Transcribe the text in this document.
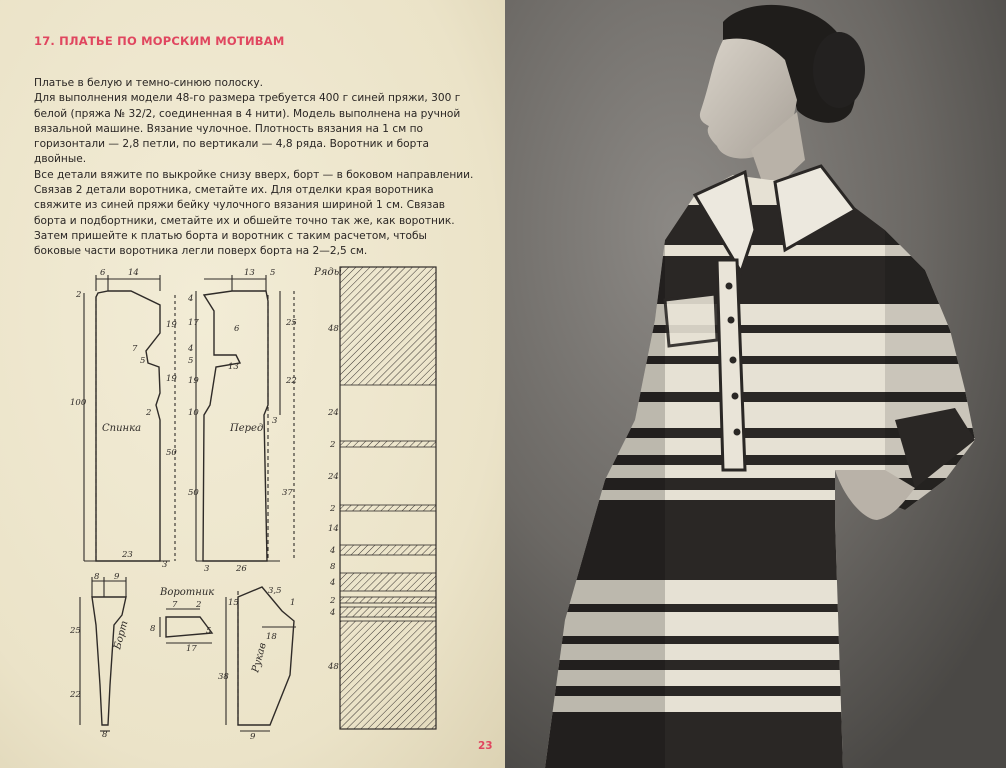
17. ПЛАТЬЕ ПО МОРСКИМ МОТИВАМ

Платье в белую и темно-синюю полоску.

Для выполнения модели 48-го размера требуется 400 г синей пряжи, 300 г белой (пряжа № 32/2, соединенная в 4 нити). Модель выполнена на ручной вязальной машине. Вязание чулочное. Плотность вязания на 1 см по горизонтали — 2,8 петли, по вертикали — 4,8 ряда. Воротник и борта двойные.

Все детали вяжите по выкройке снизу вверх, борт — в боковом направлении. Связав 2 детали воротника, сметайте их. Для отделки края воротника свяжите из синей пряжи бейку чулочного вязания шириной 1 см. Связав борта и подбортники, сметайте их и обшейте точно так же, как воротник. Затем пришейте к платью борта и воротник с таким расчетом, чтобы боковые части воротника легли поверх борта на 2—2,5 см.

Спинка	Перед
Воротник
Борт
Рукав
Ряды
6	14
2
19
7
5
19
2
100
50
23
3
13 5
4
17
6
4
5
13
19
10
25
22
3
50	37
26
3
8 9
25
22
8
7 2
8	5
17
15
3,5
1
18
38
9
48
24
2
24
2
14
4
8
4
2
4
48
23
